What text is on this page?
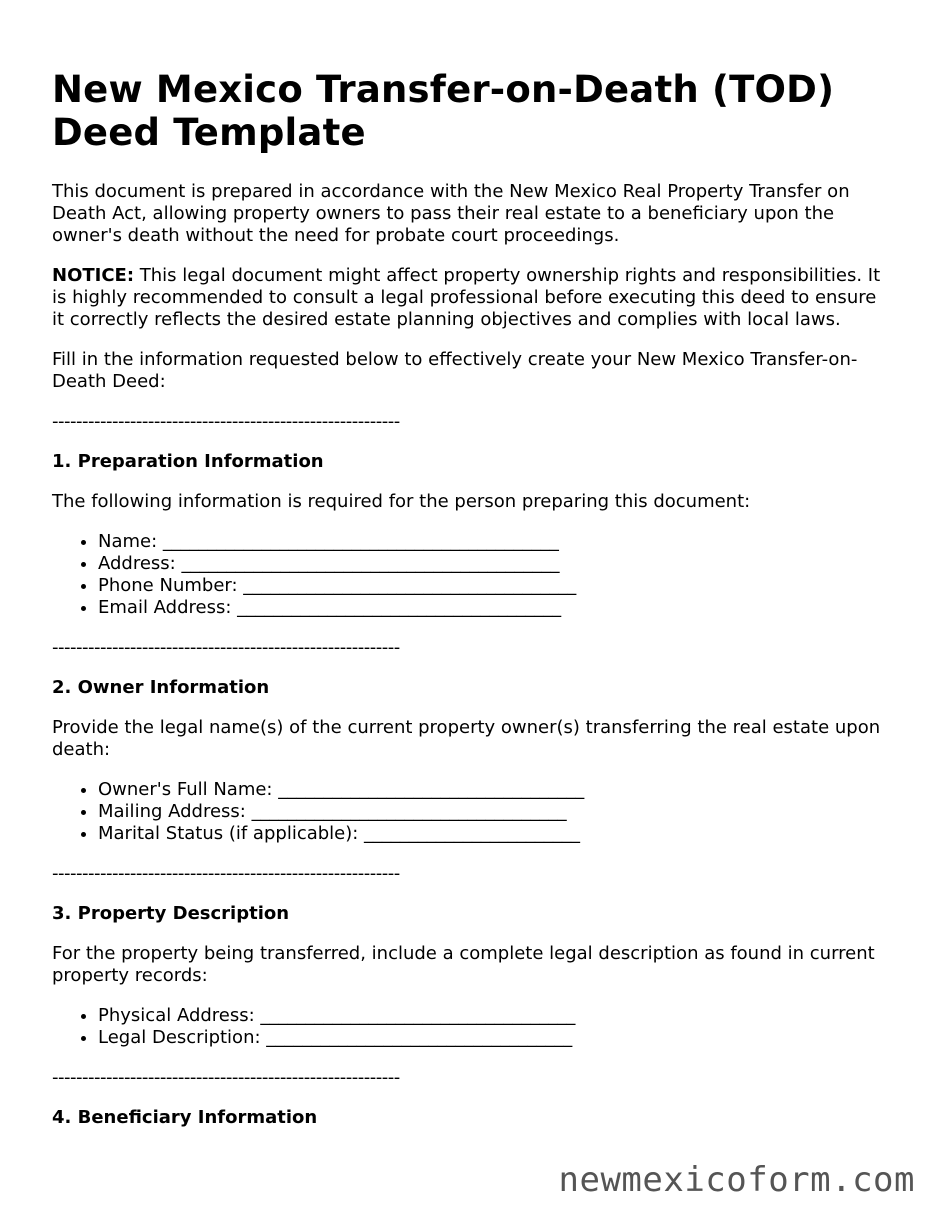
New Mexico Transfer-on-Death (TOD) Deed Template

This document is prepared in accordance with the New Mexico Real Property Transfer on Death Act, allowing property owners to pass their real estate to a beneficiary upon the owner's death without the need for probate court proceedings.

NOTICE: This legal document might affect property ownership rights and responsibilities. It is highly recommended to consult a legal professional before executing this deed to ensure it correctly reflects the desired estate planning objectives and complies with local laws.

Fill in the information requested below to effectively create your New Mexico Transfer-on-Death Deed:

----------------------------------------------------------
1. Preparation Information

The following information is required for the person preparing this document:

• Name: ____________________________________________
• Address: __________________________________________
• Phone Number: _____________________________________
• Email Address: ____________________________________
----------------------------------------------------------
2. Owner Information

Provide the legal name(s) of the current property owner(s) transferring the real estate upon death:

• Owner's Full Name: __________________________________
• Mailing Address: ___________________________________
• Marital Status (if applicable): ________________________
----------------------------------------------------------
3. Property Description

For the property being transferred, include a complete legal description as found in current property records:

• Physical Address: ___________________________________
• Legal Description: __________________________________
----------------------------------------------------------
4. Beneficiary Information
newmexicoform.com
